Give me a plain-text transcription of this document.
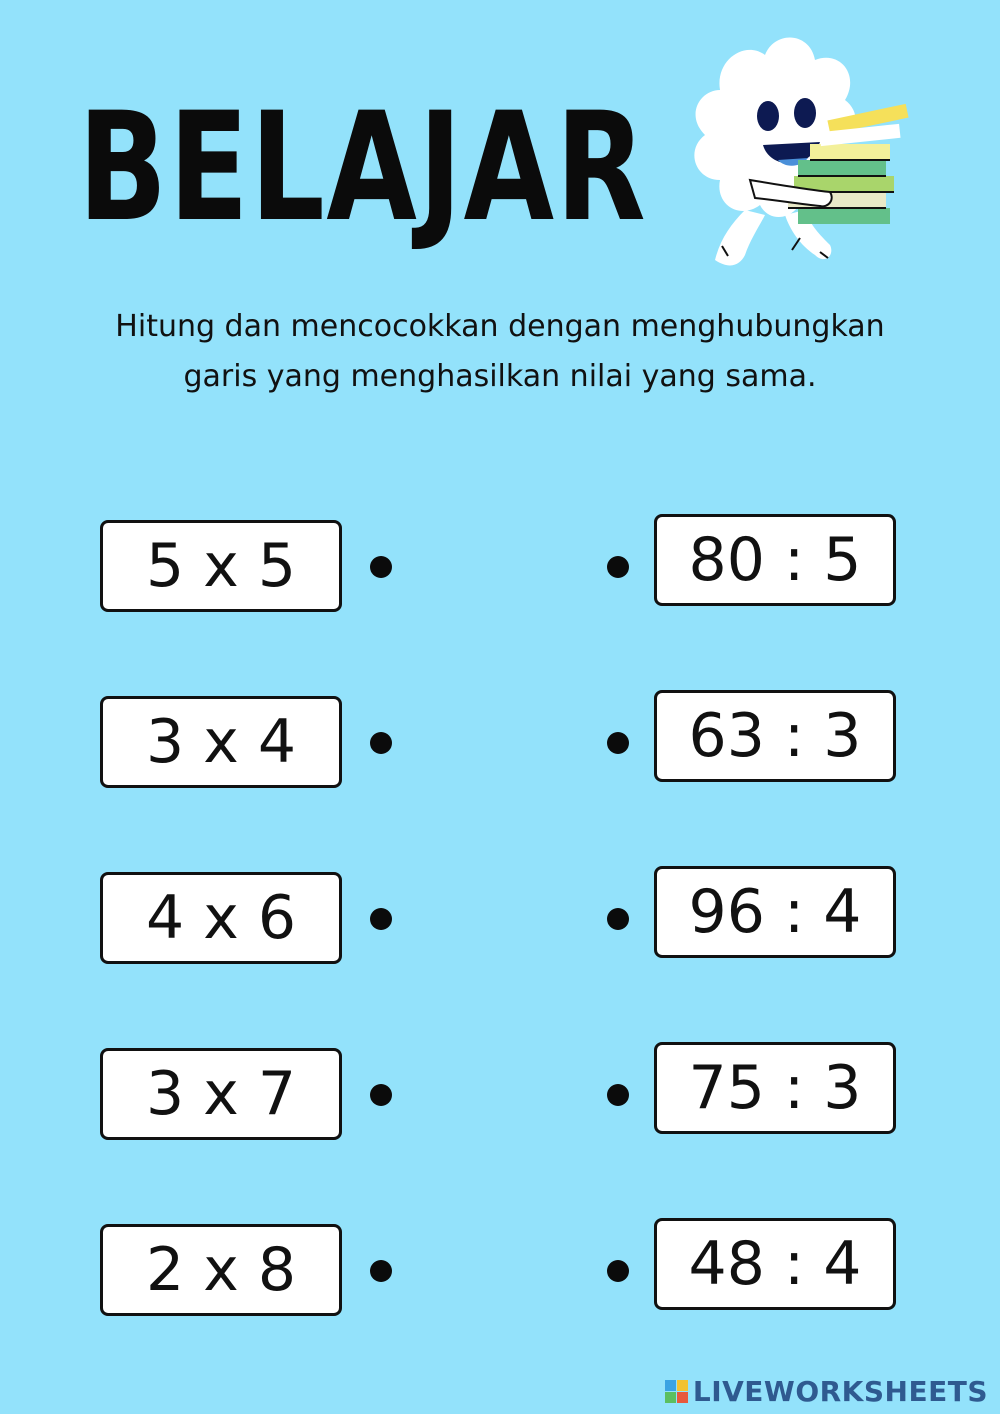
BELAJAR
Hitung dan mencocokkan dengan menghubungkan
garis yang menghasilkan nilai yang sama.
5 x 5
3 x 4
4 x 6
3 x 7
2 x 8
80 : 5
63 : 3
96 : 4
75 : 3
48 : 4
LIVEWORKSHEETS
